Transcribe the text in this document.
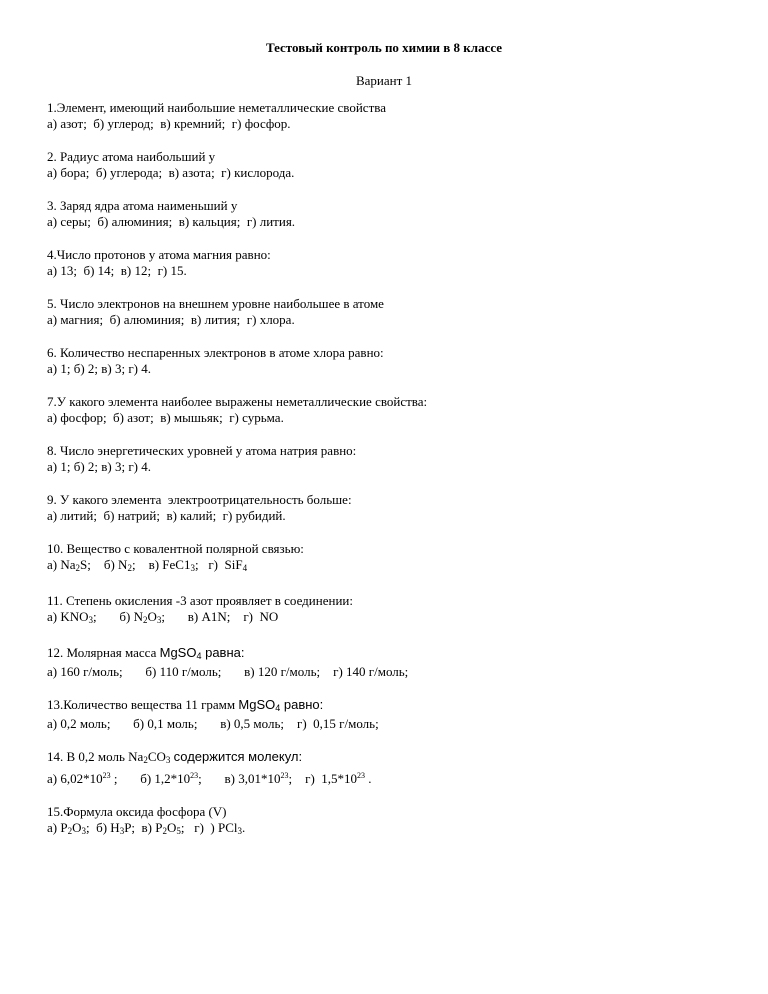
Тестовый контроль по химии в 8 классе
Вариант 1
1.Элемент, имеющий наибольшие неметаллические свойства
а) азот;  б) углерод;  в) кремний;  г) фосфор.
2. Радиус атома наибольший у
а) бора;  б) углерода;  в) азота;  г) кислорода.
3. Заряд ядра атома наименьший у
а) серы;  б) алюминия;  в) кальция;  г) лития.
4.Число протонов у атома магния равно:
а) 13;  б) 14;  в) 12;  г) 15.
5. Число электронов на внешнем уровне наибольшее в атоме
а) магния;  б) алюминия;  в) лития;  г) хлора.
6. Количество неспаренных электронов в атоме хлора равно:
а) 1; б) 2; в) 3; г) 4.
7.У какого элемента наиболее выражены неметаллические свойства:
а) фосфор;  б) азот;  в) мышьяк;  г) сурьма.
8. Число энергетических уровней у атома натрия равно:
а) 1; б) 2; в) 3; г) 4.
9. У какого элемента  электроотрицательность больше:
а) литий;  б) натрий;  в) калий;  г) рубидий.
10. Вещество с ковалентной полярной связью:
а) $Na_2S$;    б) $N_2$;    в) $FeC1_3$;   г)  SiF$_4$
11. Степень окисления -3 азот проявляет в соединении:
а) $KNO_3$;       б) $N_2O_3$;       в) A1N;    г)  NO
12. Молярная масса MgSO$_4$ равна:
а) 160 г/моль;       б) 110 г/моль;       в) 120 г/моль;    г) 140 г/моль;
13.Количество вещества 11 грамм MgSO$_4$ равно:
а) 0,2 моль;       б) 0,1 моль;       в) 0,5 моль;    г)  0,15 г/моль;
14. В 0,2 моль $Na_2CO_3$ содержится молекул:
а) $6,02*10^{23}$ ;       б) $1,2*10^{23}$;       в) $3,01*10^{23}$;    г)  $1,5*10^{23}$ .
15.Формула оксида фосфора (V)
а) $P_2O_3$;  б) $H_3P$;  в) $P_2O_5$;   г)  ) PCl$_3$.
